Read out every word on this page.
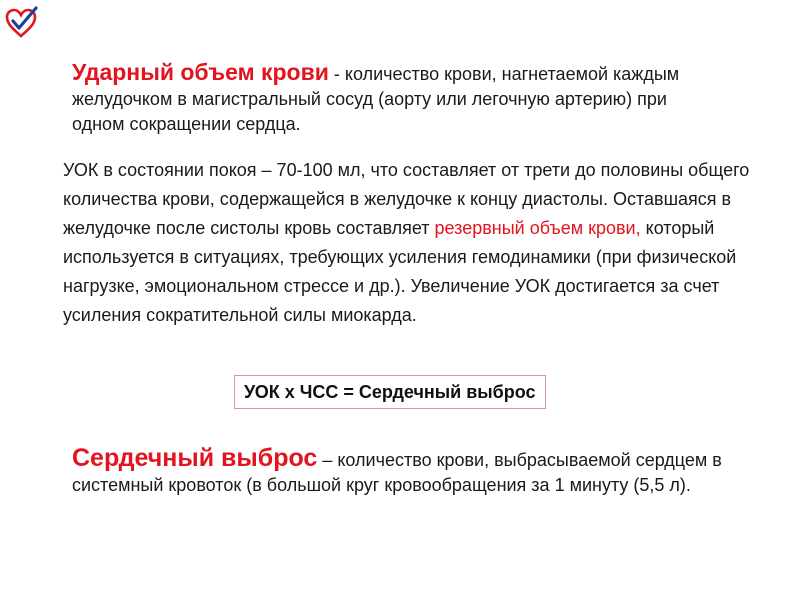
Ударный объем крови - количество крови, нагнетаемой каждым желудочком в магистральный сосуд (аорту или легочную артерию) при одном сокращении сердца.
УОК в состоянии покоя – 70-100 мл, что составляет от трети до половины общего количества крови, содержащейся в желудочке к концу диастолы. Оставшаяся в желудочке после систолы кровь составляет резервный объем крови, который используется в ситуациях, требующих усиления гемодинамики (при физической нагрузке, эмоциональном стрессе и др.). Увеличение УОК достигается за счет усиления сократительной силы миокарда.
УОК х ЧСС = Сердечный выброс
Сердечный выброс – количество крови, выбрасываемой сердцем в системный кровоток (в большой круг кровообращения за 1 минуту (5,5 л).
